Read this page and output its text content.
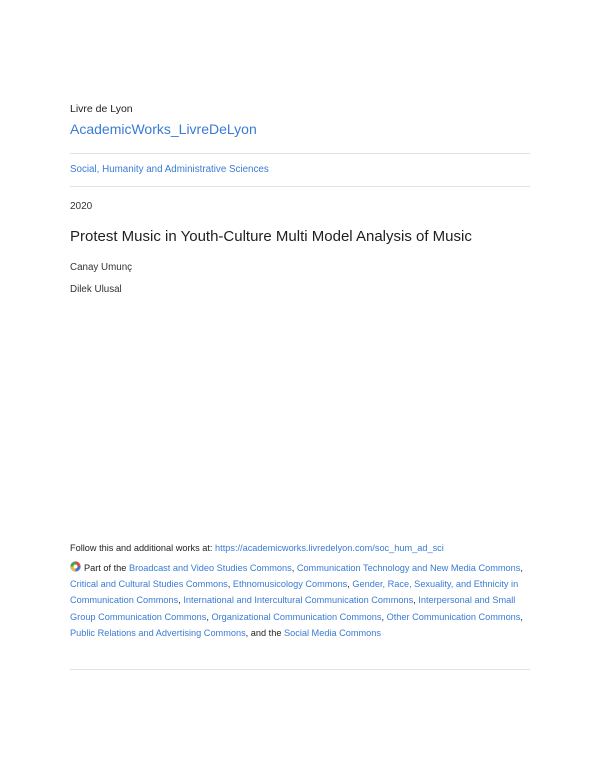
Livre de Lyon
AcademicWorks_LivreDeLyon
Social, Humanity and Administrative Sciences
2020
Protest Music in Youth-Culture Multi Model Analysis of Music
Canay Umunç
Dilek Ulusal
Follow this and additional works at: https://academicworks.livredelyon.com/soc_hum_ad_sci
Part of the Broadcast and Video Studies Commons, Communication Technology and New Media Commons, Critical and Cultural Studies Commons, Ethnomusicology Commons, Gender, Race, Sexuality, and Ethnicity in Communication Commons, International and Intercultural Communication Commons, Interpersonal and Small Group Communication Commons, Organizational Communication Commons, Other Communication Commons, Public Relations and Advertising Commons, and the Social Media Commons
